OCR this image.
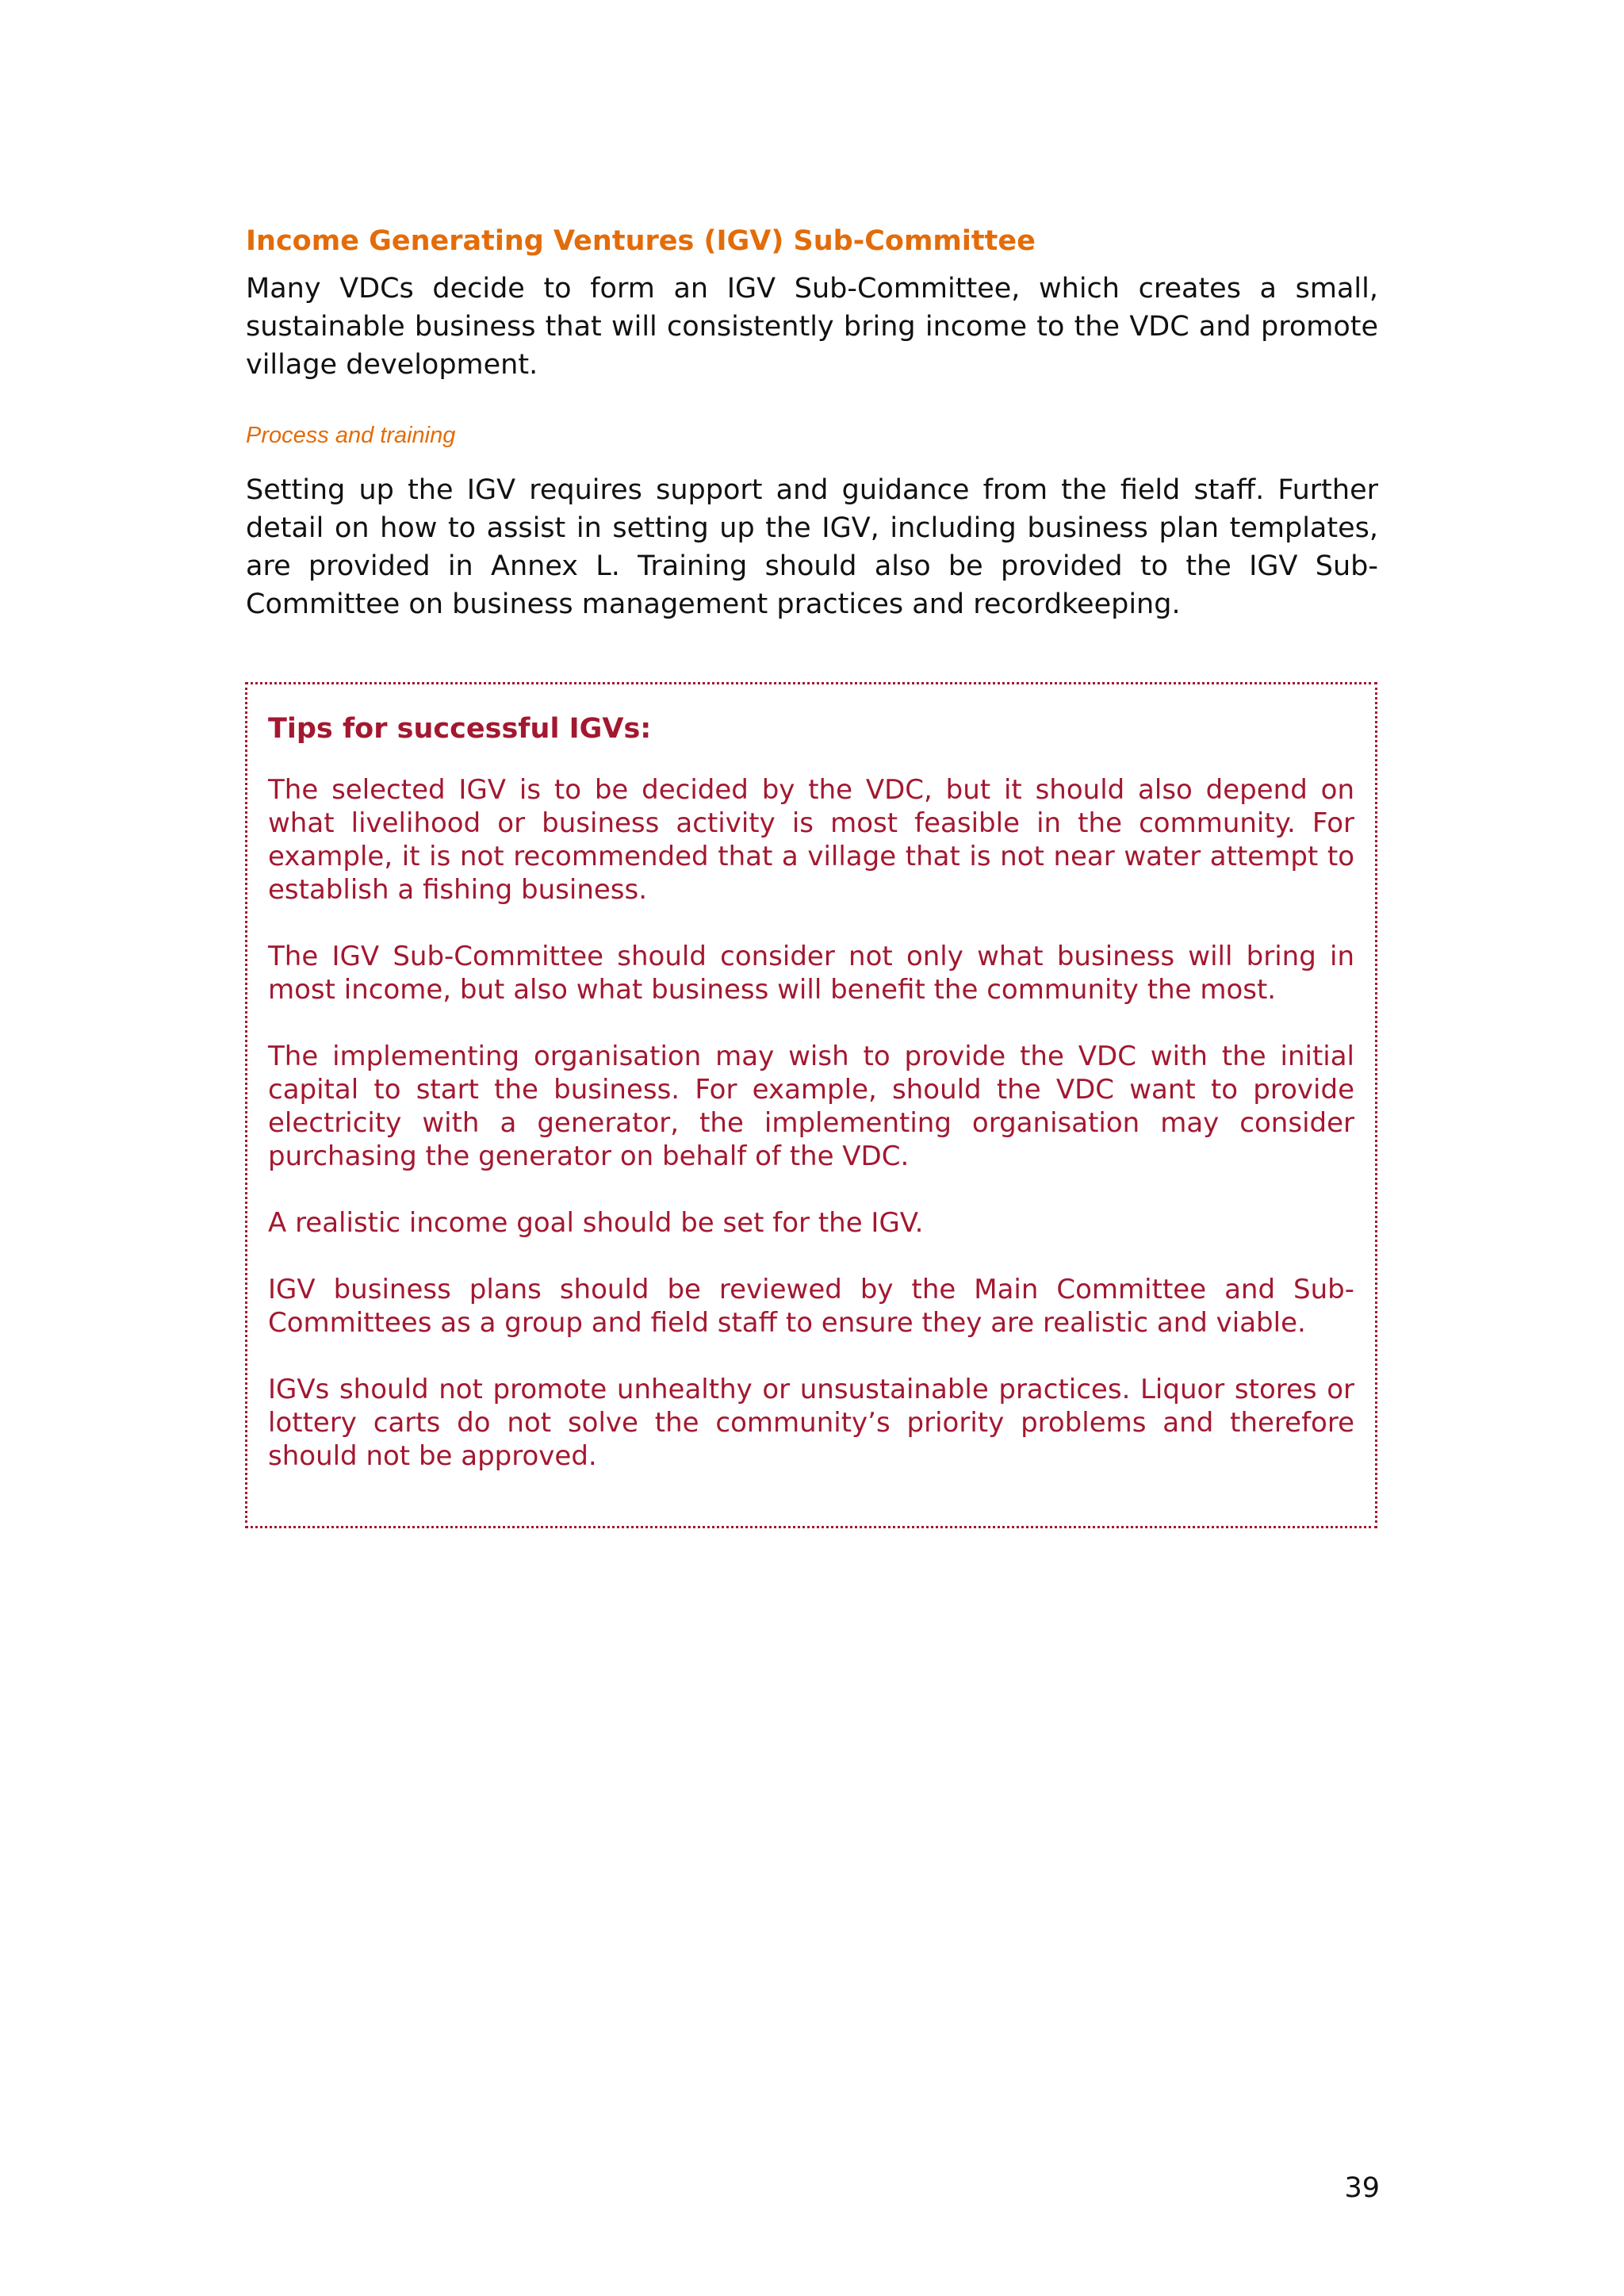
Income Generating Ventures (IGV) Sub-Committee

Many VDCs decide to form an IGV Sub-Committee, which creates a small, sustainable business that will consistently bring income to the VDC and promote village development.

Process and training

Setting up the IGV requires support and guidance from the field staff. Further detail on how to assist in setting up the IGV, including business plan templates, are provided in Annex L. Training should also be provided to the IGV Sub-Committee on business management practices and recordkeeping.

Tips for successful IGVs:

The selected IGV is to be decided by the VDC, but it should also depend on what livelihood or business activity is most feasible in the community. For example, it is not recommended that a village that is not near water attempt to establish a fishing business.

The IGV Sub-Committee should consider not only what business will bring in most income, but also what business will benefit the community the most.

The implementing organisation may wish to provide the VDC with the initial capital to start the business. For example, should the VDC want to provide electricity with a generator, the implementing organisation may consider purchasing the generator on behalf of the VDC.

A realistic income goal should be set for the IGV.

IGV business plans should be reviewed by the Main Committee and Sub-Committees as a group and field staff to ensure they are realistic and viable.

IGVs should not promote unhealthy or unsustainable practices. Liquor stores or lottery carts do not solve the community’s priority problems and therefore should not be approved.

39
